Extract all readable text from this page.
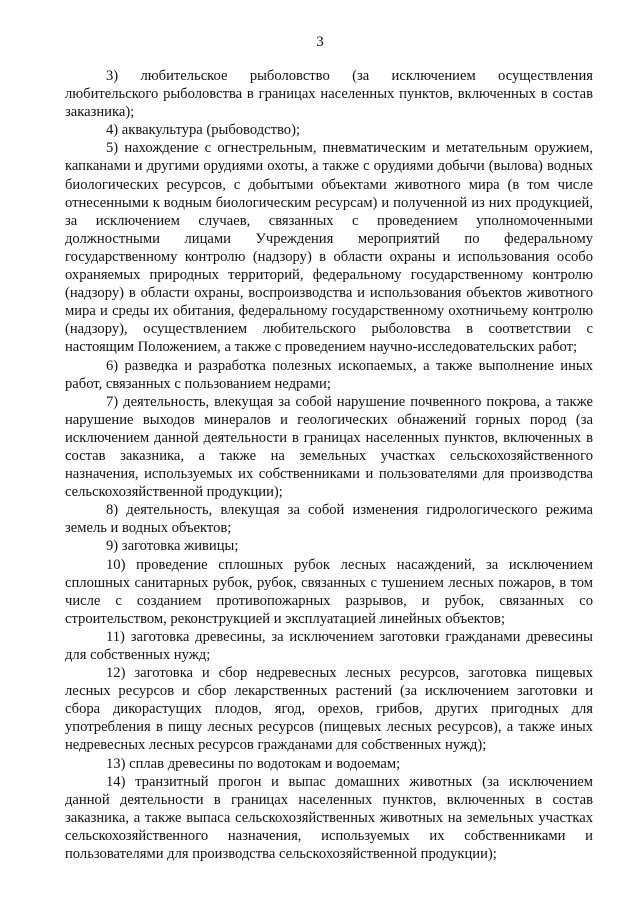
3

3) любительское рыболовство (за исключением осуществления любительского рыболовства в границах населенных пунктов, включенных в состав заказника);

4) аквакультура (рыбоводство);

5) нахождение с огнестрельным, пневматическим и метательным оружием, капканами и другими орудиями охоты, а также с орудиями добычи (вылова) водных биологических ресурсов, с добытыми объектами животного мира (в том числе отнесенными к водным биологическим ресурсам) и полученной из них продукцией, за исключением случаев, связанных с проведением уполномоченными должностными лицами Учреждения мероприятий по федеральному государственному контролю (надзору) в области охраны и использования особо охраняемых природных территорий, федеральному государственному контролю (надзору) в области охраны, воспроизводства и использования объектов животного мира и среды их обитания, федеральному государственному охотничьему контролю (надзору), осуществлением любительского рыболовства в соответствии с настоящим Положением, а также с проведением научно-исследовательских работ;

6) разведка и разработка полезных ископаемых, а также выполнение иных работ, связанных с пользованием недрами;

7) деятельность, влекущая за собой нарушение почвенного покрова, а также нарушение выходов минералов и геологических обнажений горных пород (за исключением данной деятельности в границах населенных пунктов, включенных в состав заказника, а также на земельных участках сельскохозяйственного назначения, используемых их собственниками и пользователями для производства сельскохозяйственной продукции);

8) деятельность, влекущая за собой изменения гидрологического режима земель и водных объектов;

9) заготовка живицы;

10) проведение сплошных рубок лесных насаждений, за исключением сплошных санитарных рубок, рубок, связанных с тушением лесных пожаров, в том числе с созданием противопожарных разрывов, и рубок, связанных со строительством, реконструкцией и эксплуатацией линейных объектов;

11) заготовка древесины, за исключением заготовки гражданами древесины для собственных нужд;

12) заготовка и сбор недревесных лесных ресурсов, заготовка пищевых лесных ресурсов и сбор лекарственных растений (за исключением заготовки и сбора дикорастущих плодов, ягод, орехов, грибов, других пригодных для употребления в пищу лесных ресурсов (пищевых лесных ресурсов), а также иных недревесных лесных ресурсов гражданами для собственных нужд);

13) сплав древесины по водотокам и водоемам;

14) транзитный прогон и выпас домашних животных (за исключением данной деятельности в границах населенных пунктов, включенных в состав заказника, а также выпаса сельскохозяйственных животных на земельных участках сельскохозяйственного назначения, используемых их собственниками и пользователями для производства сельскохозяйственной продукции);
